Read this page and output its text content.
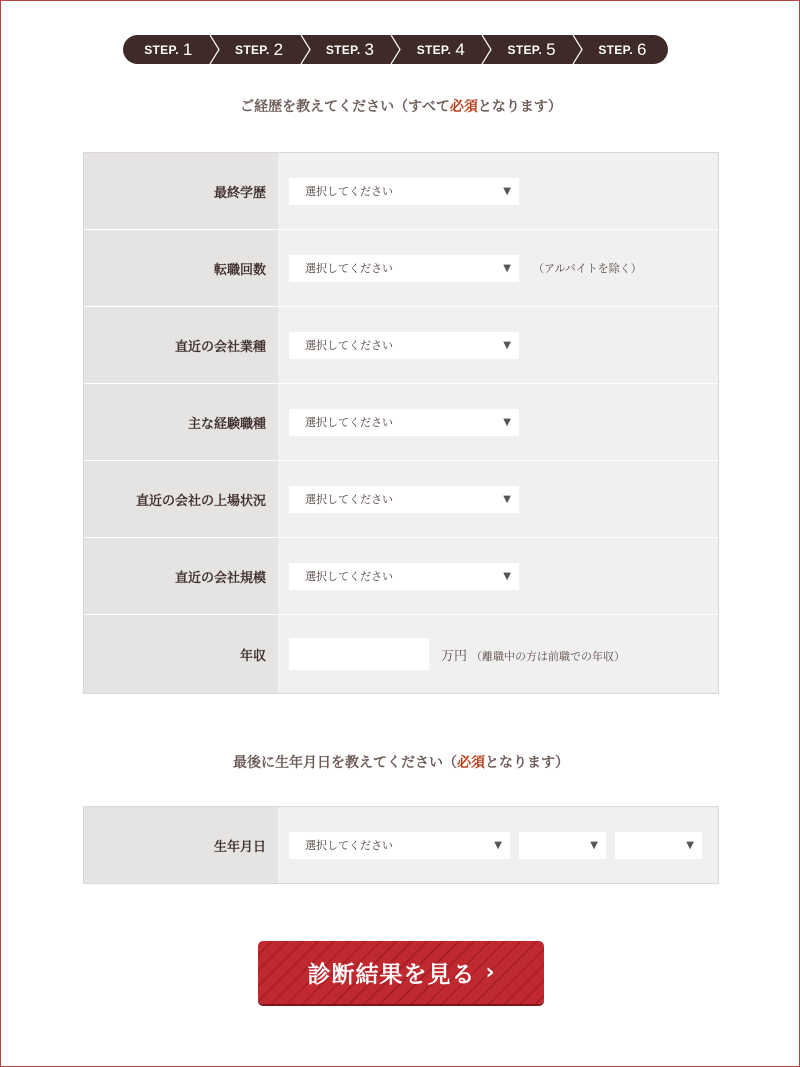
STEP. 1	STEP. 2	STEP. 3	STEP. 4	STEP. 5	STEP. 6
ご経歴を教えてください（すべて必須となります）
最終学歴	選択してください	▼
転職回数	選択してください	▼ （アルバイトを除く）
直近の会社業種	選択してください	▼
主な経験職種	選択してください	▼
直近の会社の上場状況	選択してください	▼
直近の会社規模	選択してください	▼
年収	万円 （離職中の方は前職での年収）
最後に生年月日を教えてください（必須となります）
生年月日	選択してください	▼	▼	▼
診断結果を見る ›
